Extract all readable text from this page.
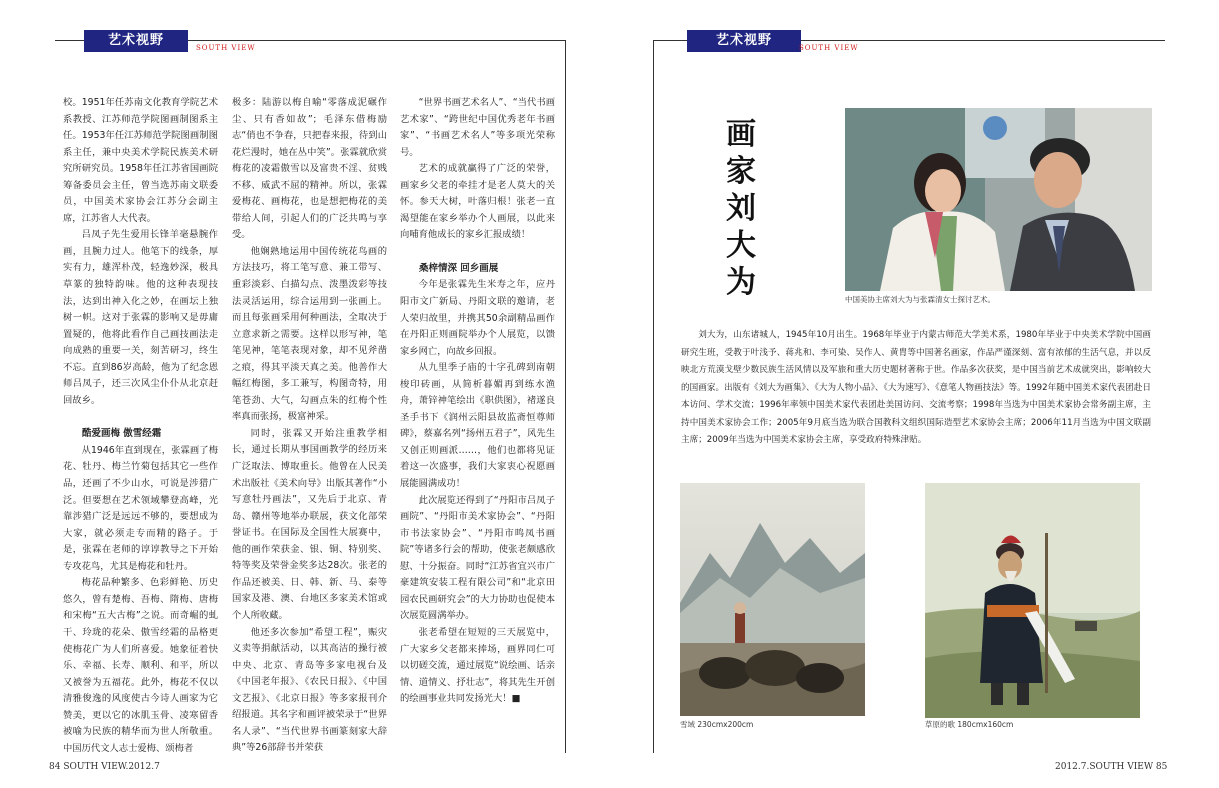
艺术视野	SOUTH VIEW

校。1951年任苏南文化教育学院艺术系教授、江苏师范学院图画制图系主任。1953年任江苏师范学院图画制图系主任，兼中央美术学院民族美术研究所研究员。1958年任江苏省国画院筹备委员会主任，曾当选苏南文联委员，中国美术家协会江苏分会副主席，江苏省人大代表。

吕凤子先生爱用长锋羊毫悬腕作画，且腕力过人。他笔下的线条，厚实有力，雄浑朴茂，轻逸妙深，极具草篆的独特韵味。他的这种表现技法，达到出神入化之妙，在画坛上独树一帜。这对于张霖的影响又是毋庸置疑的，他将此看作自己画技画法走向成熟的重要一关，刻苦研习，终生不忘。直到86岁高龄，他为了纪念恩师吕凤子，还三次风尘仆仆从北京赶回故乡。

酷爱画梅 傲雪经霜

从1946年直到现在，张霖画了梅花、牡丹、梅兰竹菊包括其它一些作品，还画了不少山水，可说是涉猎广泛。但要想在艺术领域攀登高峰，光靠涉猎广泛是远远不够的，要想成为大家，就必须走专而精的路子。于是，张霖在老师的谆谆教导之下开始专攻花鸟，尤其是梅花和牡丹。

梅花品种繁多、色彩鲜艳、历史悠久，曾有楚梅、吾梅、隋梅、唐梅和宋梅“五大古梅”之说。而奇崛的虬干、玲珑的花朵、傲雪经霜的品格更使梅花广为人们所喜爱。她象征着快乐、幸福、长寿、顺利、和平，所以又被誉为五福花。此外，梅花不仅以清雅俊逸的风度使古今诗人画家为它赞美，更以它的冰肌玉骨、凌寒留香被喻为民族的精华而为世人所敬重。中国历代文人志士爱梅、颂梅者

极多：陆游以梅自喻“零落成泥碾作尘、只有香如故”；毛泽东借梅励志“俏也不争春，只把春来报，待到山花烂漫时，她在丛中笑”。张霖就欣赏梅花的凌霜傲雪以及富贵不淫、贫贱不移、威武不屈的精神。所以，张霖爱梅花、画梅花，也是想把梅花的美带给人间，引起人们的广泛共鸣与享受。

他娴熟地运用中国传统花鸟画的方法技巧，将工笔写意、兼工带写、重彩淡彩、白描勾点、泼墨泼彩等技法灵活运用，综合运用到一张画上。而且每张画采用何种画法，全取决于立意求新之需要。这样以形写神，笔笔见神，笔笔表现对象，却不见斧凿之痕，得其平淡天真之美。他善作大幅红梅图，多工兼写，构图奇特，用笔苍劲、大气，勾画点朱的红梅个性率真而张扬，极富神采。

同时，张霖又开始注重教学相长，通过长期从事国画教学的经历来广泛取法、博取重长。他曾在人民美术出版社《美术向导》出版其著作“小写意牡丹画法”，又先后于北京、青岛、赣州等地举办联展，获文化部荣誉证书。在国际及全国性大展赛中，他的画作荣获金、银、铜、特别奖、特等奖及荣誉金奖多达28次。张老的作品还被美、日、韩、新、马、泰等国家及港、澳、台地区多家美术馆或个人所收藏。

他还多次参加“希望工程”，赈灾义卖等捐献活动，以其高洁的操行被中央、北京、青岛等多家电视台及《中国老年报》、《农民日报》、《中国文艺报》、《北京日报》等多家报刊介绍报道。其名字和画评被荣录于“世界名人录”、“当代世界书画篆刻家大辞典”等26部辞书并荣获

“世界书画艺术名人”、“当代书画艺术家”、“跨世纪中国优秀老年书画家”、“书画艺术名人”等多项光荣称号。

艺术的成就赢得了广泛的荣誉，画家乡父老的牵挂才是老人莫大的关怀。参天大树，叶落归根！张老一直渴望能在家乡举办个人画展，以此来向哺育他成长的家乡汇报成绩！

桑梓情深 回乡画展

今年是张霖先生米寿之年，应丹阳市文广新局、丹阳文联的邀请，老人荣归故里，并携其50余副精品画作在丹阳正则画院举办个人展览，以馈家乡网亡，向故乡回报。

从九里季子庙的十字孔碑到南朝梭印砖画，从简析暮媚再到练水渔舟，萧锌神笔绘出《职供图》，褚遂良圣手书下《润州云阳县故监斋恒尊师碑》，蔡嘉名列“扬州五君子”，风先生又创正则画派……，他们也都将见证着这一次盛事，我们大家衷心祝愿画展能圆满成功！

此次展览还得到了“丹阳市吕凤子画院”、“丹阳市美术家协会”、“丹阳市书法家协会”、“丹阳市鸣凤书画院”等诸多行会的帮助，使张老颇感欣慰、十分振奋。同时“江苏省宜兴市广豪建筑安装工程有限公司”和“北京田园农民画研究会”的大力协助也促使本次展览圆满举办。

张老希望在短短的三天展览中，广大家乡父老都来捧场，画界同仁可以切磋交流，通过展览“说绘画、话亲情、道情义、抒壮志”，将其先生开创的绘画事业共同发扬光大！■

84 SOUTH VIEW.2012.7
艺术视野	SOUTH VIEW
画
家
刘
大
为	中国美协主席刘大为与张霖清女士探讨艺术。
刘大为，山东诸城人，1945年10月出生。1968年毕业于内蒙古师范大学美术系，1980年毕业于中央美术学院中国画研究生班，受教于叶浅予、蒋兆和、李可染、吴作人、黄胄等中国著名画家，作品严谨深刻、富有浓郁的生活气息，并以反映北方荒漠戈壁少数民族生活风情以及军旅和重大历史题材著称于世。作品多次获奖，是中国当前艺术成就突出，影响较大的国画家。出版有《刘大为画集》、《大为人物小品》、《大为速写》、《意笔人物画技法》等。1992年随中国美术家代表团赴日本访问、学术交流；1996年率领中国美术家代表团赴美国访问、交流考察；1998年当选为中国美术家协会常务副主席，主持中国美术家协会工作；2005年9月底当选为联合国教科文组织国际造型艺术家协会主席；2006年11月当选为中国文联副主席；2009年当选为中国美术家协会主席，享受政府特殊津贴。
雪域 230cmx200cm	草原的歌 180cmx160cm
2012.7.SOUTH VIEW 85
